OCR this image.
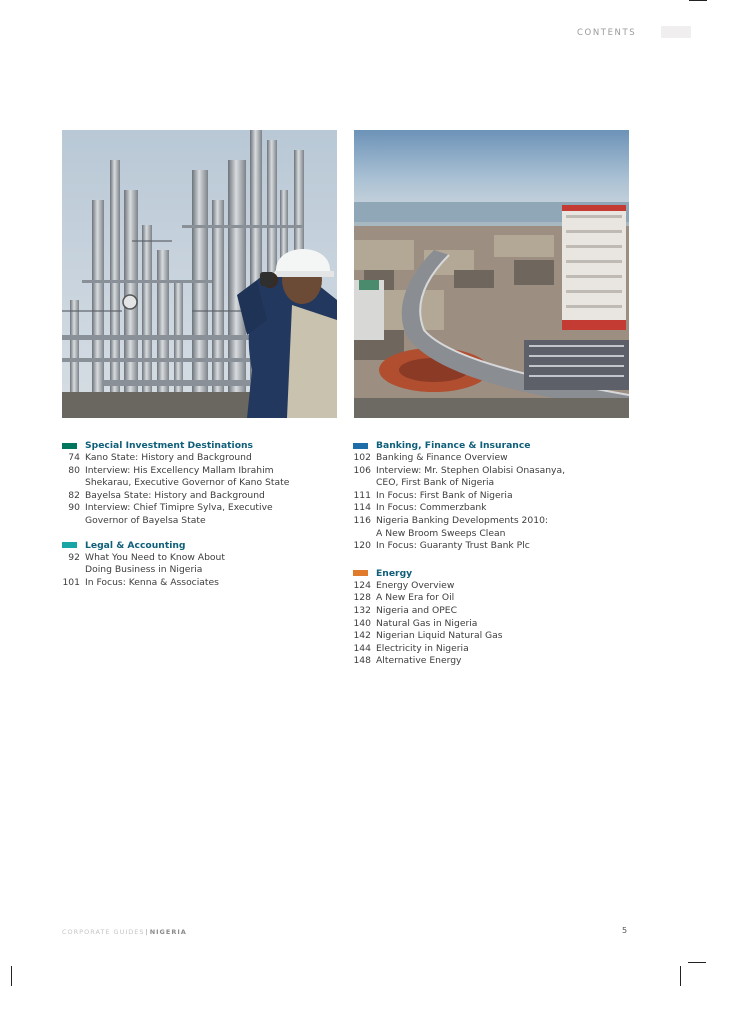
CONTENTS
Special Investment Destinations
74 Kano State: History and Background
80 Interview: His Excellency Mallam Ibrahim
Shekarau, Executive Governor of Kano State
82 Bayelsa State: History and Background
90 Interview: Chief Timipre Sylva, Executive
Governor of Bayelsa State
Legal & Accounting
92 What You Need to Know About
Doing Business in Nigeria
101 In Focus: Kenna & Associates
Banking, Finance & Insurance
102 Banking & Finance Overview
106 Interview: Mr. Stephen Olabisi Onasanya,
CEO, First Bank of Nigeria
111 In Focus: First Bank of Nigeria
114 In Focus: Commerzbank
116 Nigeria Banking Developments 2010:
A New Broom Sweeps Clean
120 In Focus: Guaranty Trust Bank Plc
Energy
124 Energy Overview
128 A New Era for Oil
132 Nigeria and OPEC
140 Natural Gas in Nigeria
142 Nigerian Liquid Natural Gas
144 Electricity in Nigeria
148 Alternative Energy
CORPORATE GUIDES|NIGERIA	5
